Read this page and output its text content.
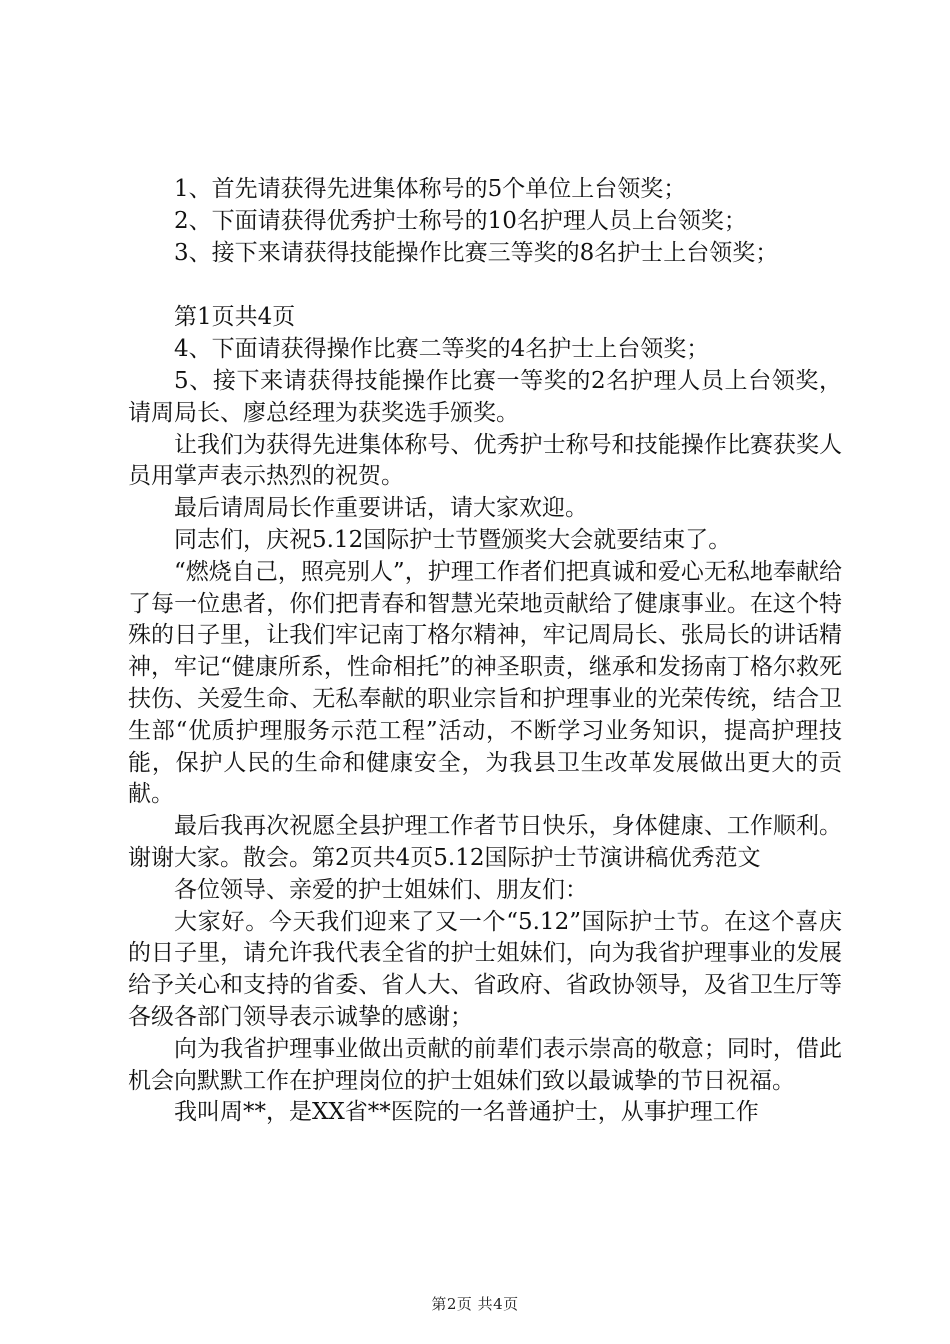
1、首先请获得先进集体称号的5个单位上台领奖；

2、下面请获得优秀护士称号的10名护理人员上台领奖；

3、接下来请获得技能操作比赛三等奖的8名护士上台领奖；

第1页共4页

4、下面请获得操作比赛二等奖的4名护士上台领奖；

5、接下来请获得技能操作比赛一等奖的2名护理人员上台领奖，请周局长、廖总经理为获奖选手颁奖。

让我们为获得先进集体称号、优秀护士称号和技能操作比赛获奖人员用掌声表示热烈的祝贺。

最后请周局长作重要讲话，请大家欢迎。

同志们，庆祝5.12国际护士节暨颁奖大会就要结束了。

“燃烧自己，照亮别人”，护理工作者们把真诚和爱心无私地奉献给了每一位患者，你们把青春和智慧光荣地贡献给了健康事业。在这个特殊的日子里，让我们牢记南丁格尔精神，牢记周局长、张局长的讲话精神，牢记“健康所系，性命相托”的神圣职责，继承和发扬南丁格尔救死扶伤、关爱生命、无私奉献的职业宗旨和护理事业的光荣传统，结合卫生部“优质护理服务示范工程”活动，不断学习业务知识，提高护理技能，保护人民的生命和健康安全，为我县卫生改革发展做出更大的贡献。

最后我再次祝愿全县护理工作者节日快乐，身体健康、工作顺利。谢谢大家。散会。第2页共4页5.12国际护士节演讲稿优秀范文

各位领导、亲爱的护士姐妹们、朋友们：

大家好。今天我们迎来了又一个“5.12”国际护士节。在这个喜庆的日子里，请允许我代表全省的护士姐妹们，向为我省护理事业的发展给予关心和支持的省委、省人大、省政府、省政协领导，及省卫生厅等各级各部门领导表示诚挚的感谢；

向为我省护理事业做出贡献的前辈们表示崇高的敬意；同时，借此机会向默默工作在护理岗位的护士姐妹们致以最诚挚的节日祝福。

我叫周**，是XX省**医院的一名普通护士，从事护理工作

第2页 共4页
